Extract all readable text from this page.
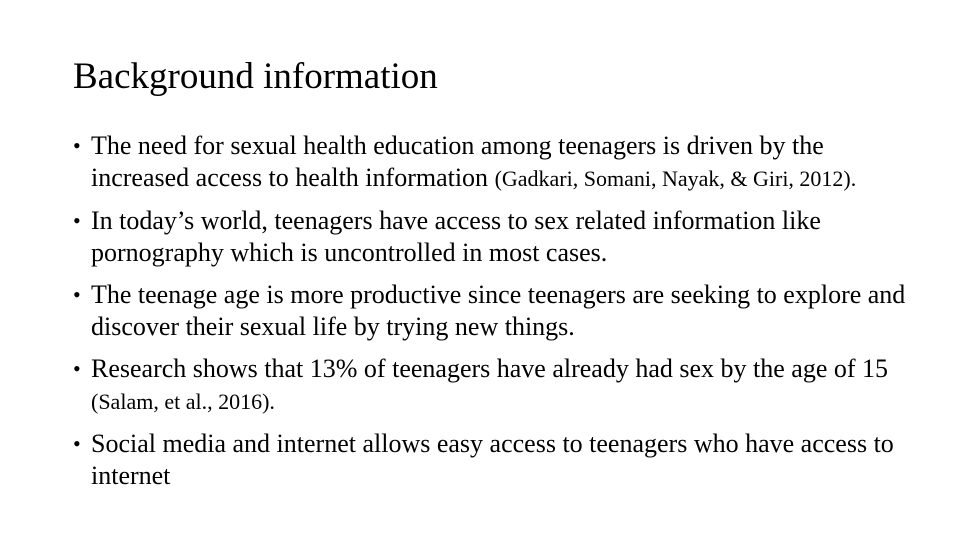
Background information
• The need for sexual health education among teenagers is driven by the increased access to health information (Gadkari, Somani, Nayak, & Giri, 2012).
• In today’s world, teenagers have access to sex related information like pornography which is uncontrolled in most cases.
• The teenage age is more productive since teenagers are seeking to explore and discover their sexual life by trying new things.
• Research shows that 13% of teenagers have already had sex by the age of 15 (Salam, et al., 2016).
• Social media and internet allows easy access to teenagers who have access to internet
